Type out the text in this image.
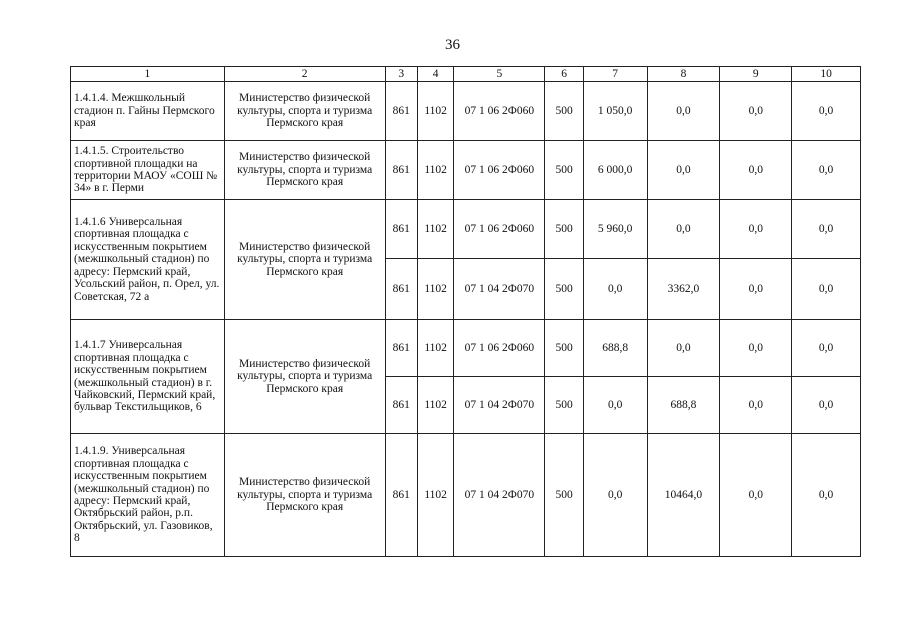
36
1	2	3	4	5	6	7	8	9	10
1.4.1.4. Межшкольный стадион п. Гайны Пермского края	Министерство физической культуры, спорта и туризма Пермского края	861	1102	07 1 06 2Ф060	500	1 050,0	0,0	0,0	0,0
1.4.1.5. Строительство спортивной площадки на территории МАОУ «СОШ № 34» в г. Перми	Министерство физической культуры, спорта и туризма Пермского края	861	1102	07 1 06 2Ф060	500	6 000,0	0,0	0,0	0,0
1.4.1.6 Универсальная спортивная площадка с искусственным покрытием (межшкольный стадион) по адресу: Пермский край, Усольский район, п. Орел, ул. Советская, 72 а	Министерство физической культуры, спорта и туризма Пермского края	861	1102	07 1 06 2Ф060	500	5 960,0	0,0	0,0	0,0
		861	1102	07 1 04 2Ф070	500	0,0	3362,0	0,0	0,0
1.4.1.7 Универсальная спортивная площадка с искусственным покрытием (межшкольный стадион) в г. Чайковский, Пермский край, бульвар Текстильщиков, 6	Министерство физической культуры, спорта и туризма Пермского края	861	1102	07 1 06 2Ф060	500	688,8	0,0	0,0	0,0
		861	1102	07 1 04 2Ф070	500	0,0	688,8	0,0	0,0
1.4.1.9. Универсальная спортивная площадка с искусственным покрытием (межшкольный стадион) по адресу: Пермский край, Октябрьский район, р.п. Октябрьский, ул. Газовиков, 8	Министерство физической культуры, спорта и туризма Пермского края	861	1102	07 1 04 2Ф070	500	0,0	10464,0	0,0	0,0
